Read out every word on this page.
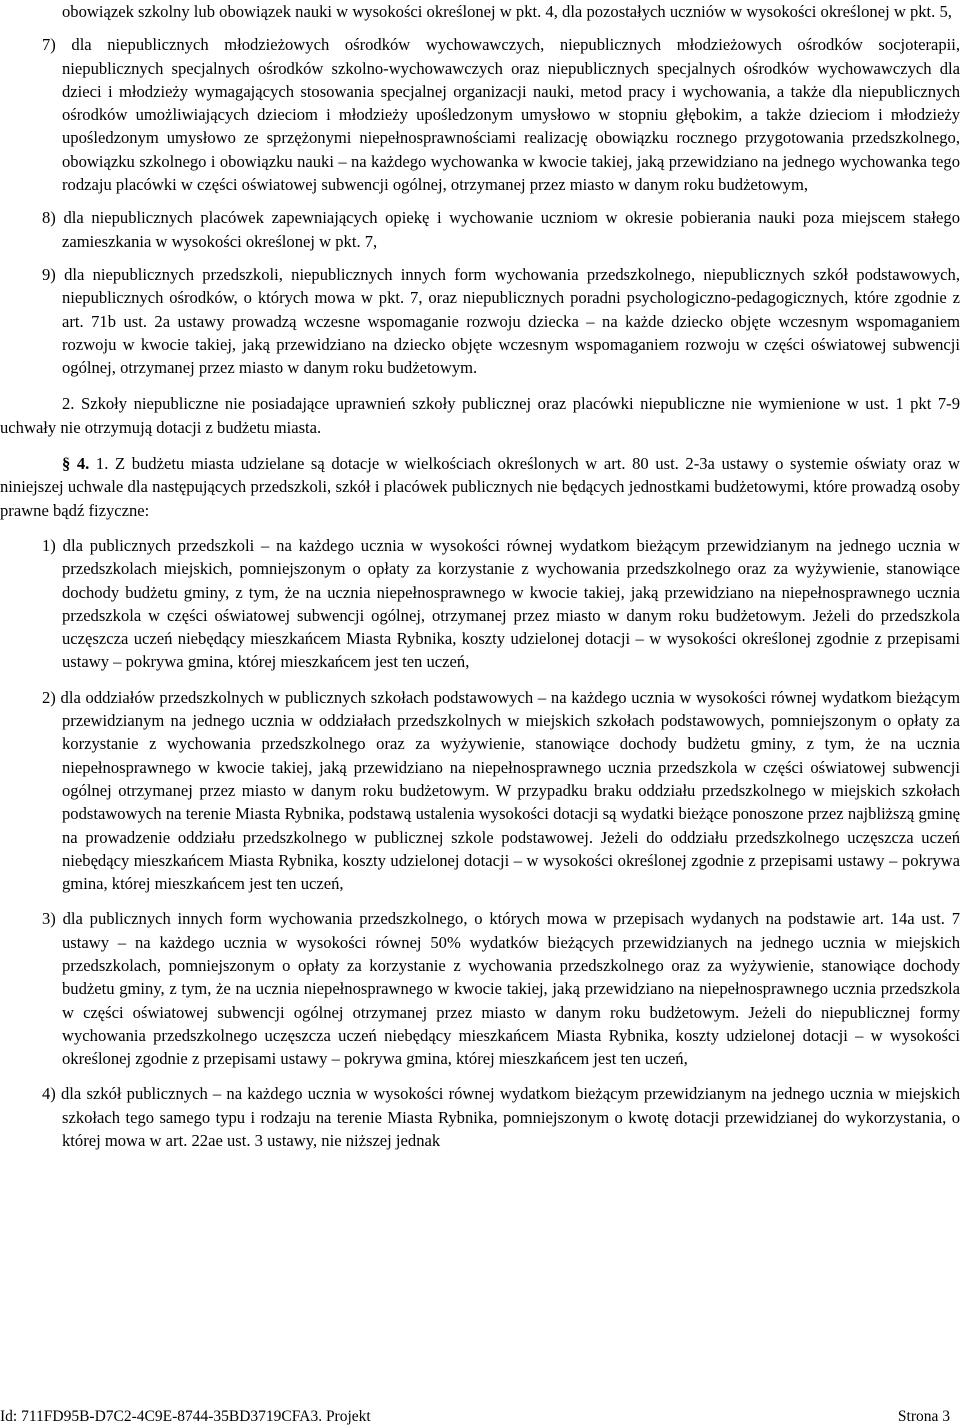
obowiązek szkolny lub obowiązek nauki w wysokości określonej w pkt. 4, dla pozostałych uczniów w wysokości określonej w pkt. 5,

7) dla niepublicznych młodzieżowych ośrodków wychowawczych, niepublicznych młodzieżowych ośrodków socjoterapii, niepublicznych specjalnych ośrodków szkolno-wychowawczych oraz niepublicznych specjalnych ośrodków wychowawczych dla dzieci i młodzieży wymagających stosowania specjalnej organizacji nauki, metod pracy i wychowania, a także dla niepublicznych ośrodków umożliwiających dzieciom i młodzieży upośledzonym umysłowo w stopniu głębokim, a także dzieciom i młodzieży upośledzonym umysłowo ze sprzężonymi niepełnosprawnościami realizację obowiązku rocznego przygotowania przedszkolnego, obowiązku szkolnego i obowiązku nauki – na każdego wychowanka w kwocie takiej, jaką przewidziano na jednego wychowanka tego rodzaju placówki w części oświatowej subwencji ogólnej, otrzymanej przez miasto w danym roku budżetowym,

8) dla niepublicznych placówek zapewniających opiekę i wychowanie uczniom w okresie pobierania nauki poza miejscem stałego zamieszkania w wysokości określonej w pkt. 7,

9) dla niepublicznych przedszkoli, niepublicznych innych form wychowania przedszkolnego, niepublicznych szkół podstawowych, niepublicznych ośrodków, o których mowa w pkt. 7, oraz niepublicznych poradni psychologiczno-pedagogicznych, które zgodnie z art. 71b ust. 2a ustawy prowadzą wczesne wspomaganie rozwoju dziecka – na każde dziecko objęte wczesnym wspomaganiem rozwoju w kwocie takiej, jaką przewidziano na dziecko objęte wczesnym wspomaganiem rozwoju w części oświatowej subwencji ogólnej, otrzymanej przez miasto w danym roku budżetowym.

2. Szkoły niepubliczne nie posiadające uprawnień szkoły publicznej oraz placówki niepubliczne nie wymienione w ust. 1 pkt 7-9 uchwały nie otrzymują dotacji z budżetu miasta.

§ 4. 1. Z budżetu miasta udzielane są dotacje w wielkościach określonych w art. 80 ust. 2-3a ustawy o systemie oświaty oraz w niniejszej uchwale dla następujących przedszkoli, szkół i placówek publicznych nie będących jednostkami budżetowymi, które prowadzą osoby prawne bądź fizyczne:

1) dla publicznych przedszkoli – na każdego ucznia w wysokości równej wydatkom bieżącym przewidzianym na jednego ucznia w przedszkolach miejskich, pomniejszonym o opłaty za korzystanie z wychowania przedszkolnego oraz za wyżywienie, stanowiące dochody budżetu gminy, z tym, że na ucznia niepełnosprawnego w kwocie takiej, jaką przewidziano na niepełnosprawnego ucznia przedszkola w części oświatowej subwencji ogólnej, otrzymanej przez miasto w danym roku budżetowym. Jeżeli do przedszkola uczęszcza uczeń niebędący mieszkańcem Miasta Rybnika, koszty udzielonej dotacji – w wysokości określonej zgodnie z przepisami ustawy – pokrywa gmina, której mieszkańcem jest ten uczeń,

2) dla oddziałów przedszkolnych w publicznych szkołach podstawowych – na każdego ucznia w wysokości równej wydatkom bieżącym przewidzianym na jednego ucznia w oddziałach przedszkolnych w miejskich szkołach podstawowych, pomniejszonym o opłaty za korzystanie z wychowania przedszkolnego oraz za wyżywienie, stanowiące dochody budżetu gminy, z tym, że na ucznia niepełnosprawnego w kwocie takiej, jaką przewidziano na niepełnosprawnego ucznia przedszkola w części oświatowej subwencji ogólnej otrzymanej przez miasto w danym roku budżetowym. W przypadku braku oddziału przedszkolnego w miejskich szkołach podstawowych na terenie Miasta Rybnika, podstawą ustalenia wysokości dotacji są wydatki bieżące ponoszone przez najbliższą gminę na prowadzenie oddziału przedszkolnego w publicznej szkole podstawowej. Jeżeli do oddziału przedszkolnego uczęszcza uczeń niebędący mieszkańcem Miasta Rybnika, koszty udzielonej dotacji – w wysokości określonej zgodnie z przepisami ustawy – pokrywa gmina, której mieszkańcem jest ten uczeń,

3) dla publicznych innych form wychowania przedszkolnego, o których mowa w przepisach wydanych na podstawie art. 14a ust. 7 ustawy – na każdego ucznia w wysokości równej 50% wydatków bieżących przewidzianych na jednego ucznia w miejskich przedszkolach, pomniejszonym o opłaty za korzystanie z wychowania przedszkolnego oraz za wyżywienie, stanowiące dochody budżetu gminy, z tym, że na ucznia niepełnosprawnego w kwocie takiej, jaką przewidziano na niepełnosprawnego ucznia przedszkola w części oświatowej subwencji ogólnej otrzymanej przez miasto w danym roku budżetowym. Jeżeli do niepublicznej formy wychowania przedszkolnego uczęszcza uczeń niebędący mieszkańcem Miasta Rybnika, koszty udzielonej dotacji – w wysokości określonej zgodnie z przepisami ustawy – pokrywa gmina, której mieszkańcem jest ten uczeń,

4) dla szkół publicznych – na każdego ucznia w wysokości równej wydatkom bieżącym przewidzianym na jednego ucznia w miejskich szkołach tego samego typu i rodzaju na terenie Miasta Rybnika, pomniejszonym o kwotę dotacji przewidzianej do wykorzystania, o której mowa w art. 22ae ust. 3 ustawy, nie niższej jednak

Id: 711FD95B-D7C2-4C9E-8744-35BD3719CFA3. Projekt	Strona 3
